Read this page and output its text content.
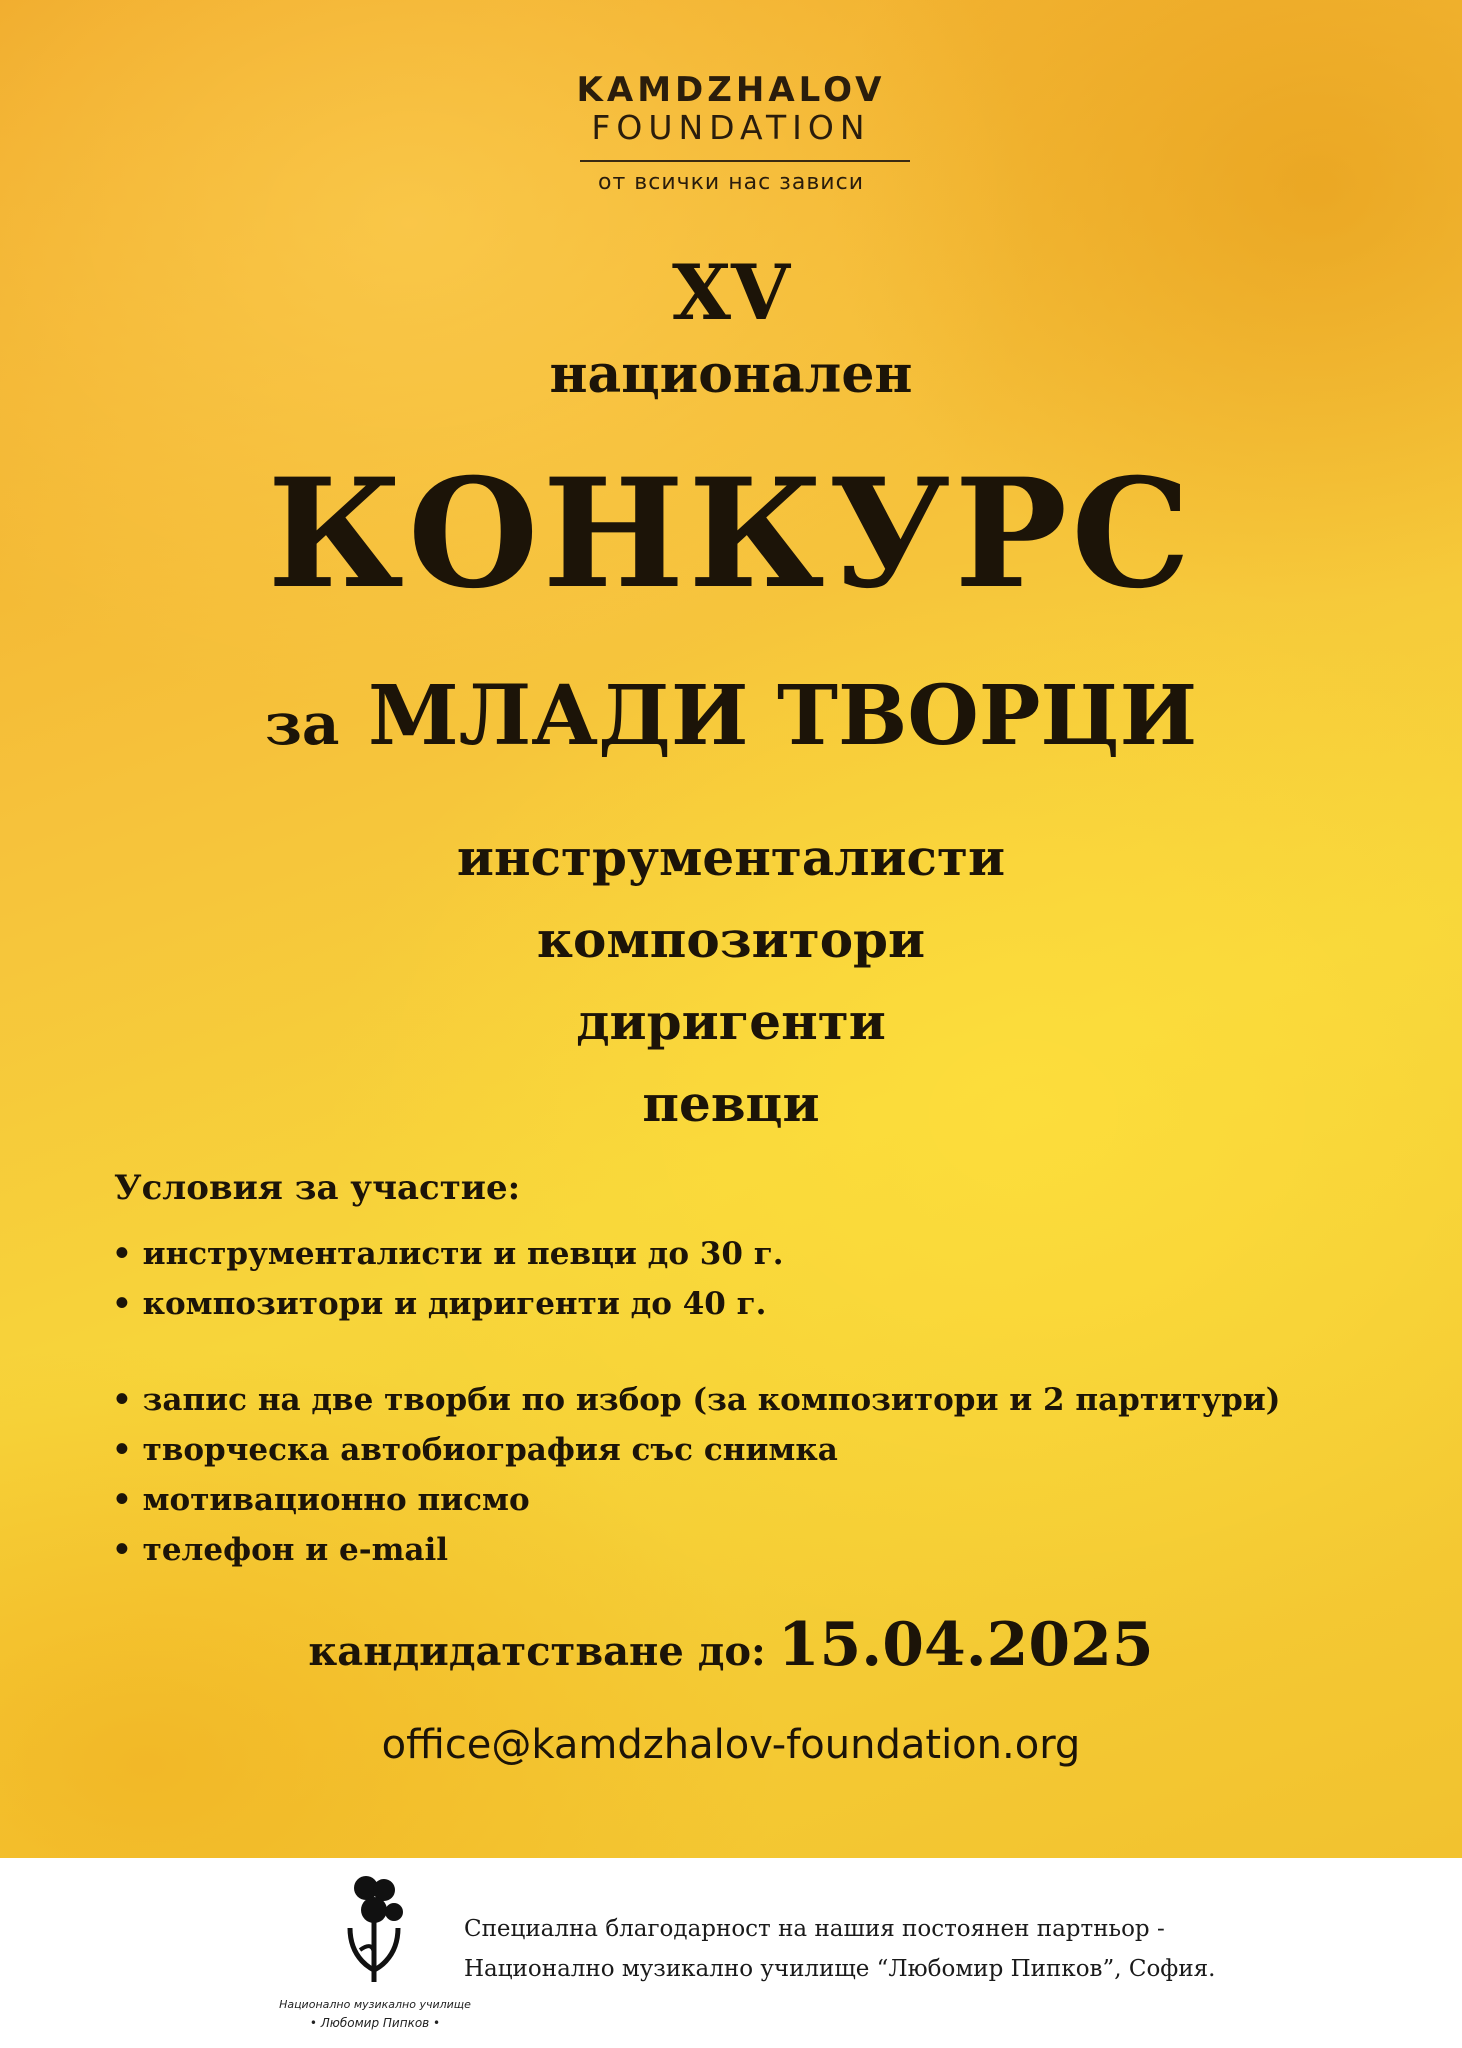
KAMDZHALOV
FOUNDATION
от всички нас зависи
XV
национален
КОНКУРС
за МЛАДИ ТВОРЦИ
инструменталисти
композитори
диригенти
певци
Условия за участие:
• инструменталисти и певци до 30 г.
• композитори и диригенти до 40 г.
• запис на две творби по избор (за композитори и 2 партитури)
• творческа автобиография със снимка
• мотивационно писмо
• телефон и e-mail
кандидатстване до: 15.04.2025
office@kamdzhalov-foundation.org
Национално музикално училище
• Любомир Пипков •
Специална благодарност на нашия постоянен партньор -
Национално музикално училище “Любомир Пипков”, София.
